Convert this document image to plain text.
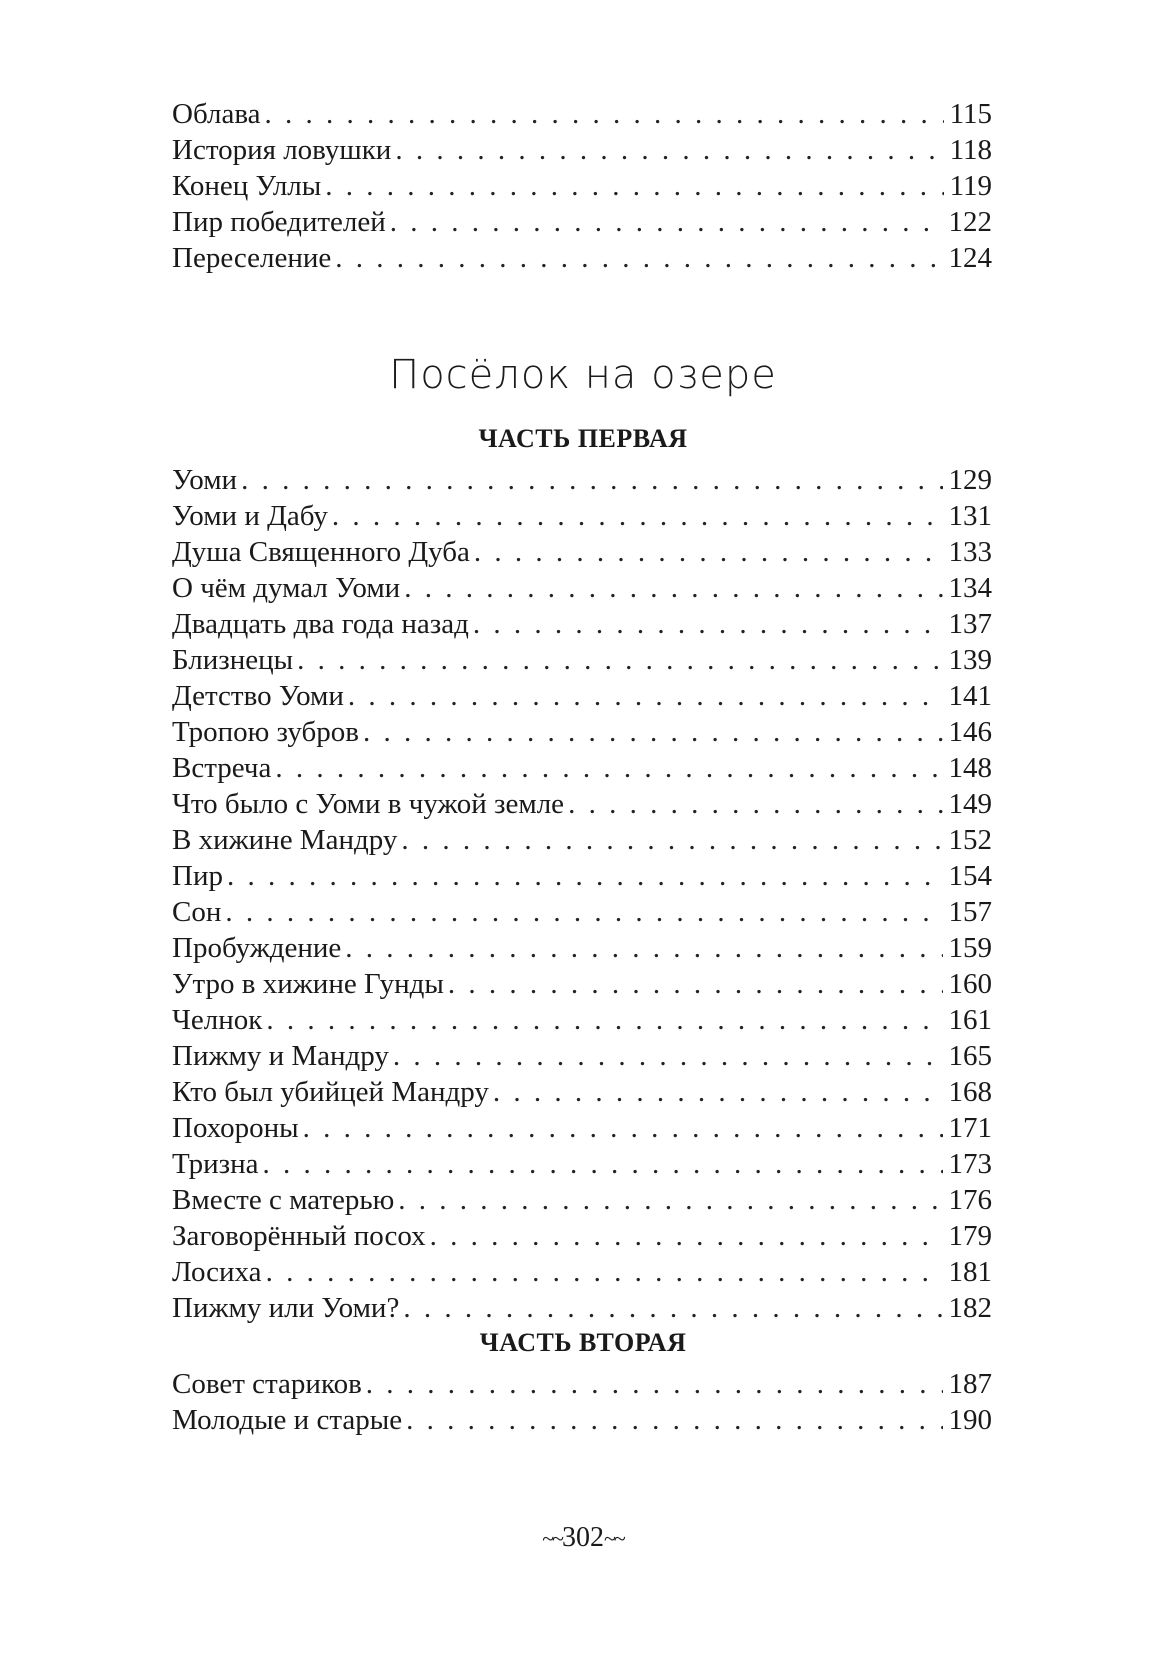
Облава . . .	115
История ловушки . . .	118
Конец Уллы . . .	119
Пир победителей . . .	122
Переселение . . .	124
Посёлок на озере
ЧАСТЬ ПЕРВАЯ
Уоми . . .	129
Уоми и Дабу . . .	131
Душа Священного Дуба . . .	133
О чём думал Уоми . . .	134
Двадцать два года назад . . .	137
Близнецы . . .	139
Детство Уоми . . .	141
Тропою зубров . . .	146
Встреча . . .	148
Что было с Уоми в чужой земле . . .	149
В хижине Мандру . . .	152
Пир . . .	154
Сон . . .	157
Пробуждение . . .	159
Утро в хижине Гунды . . .	160
Челнок . . .	161
Пижму и Мандру . . .	165
Кто был убийцей Мандру . . .	168
Похороны . . .	171
Тризна . . .	173
Вместе с матерью . . .	176
Заговорённый посох . . .	179
Лосиха . . .	181
Пижму или Уоми? . . .	182
ЧАСТЬ ВТОРАЯ
Совет стариков . . .	187
Молодые и старые . . .	190
~~302~~
